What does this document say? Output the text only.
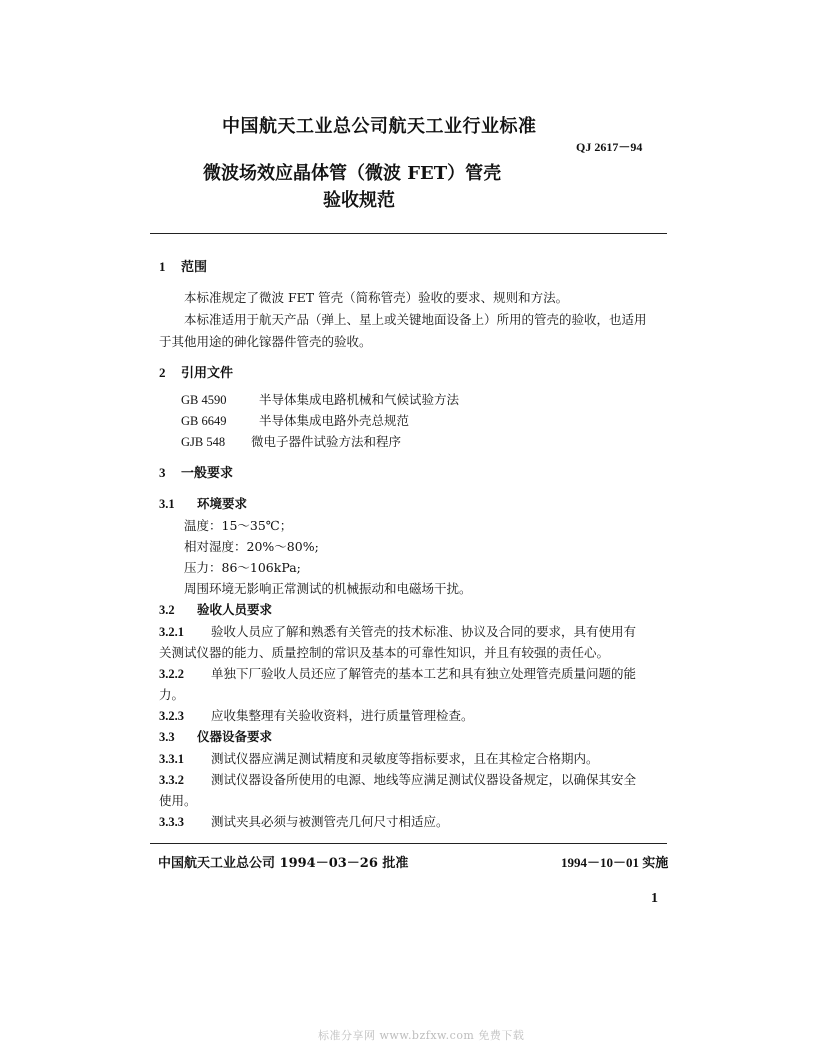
中国航天工业总公司航天工业行业标准
QJ 2617－94
微波场效应晶体管（微波 FET）管壳
验收规范
1 范围
本标准规定了微波 FET 管壳（简称管壳）验收的要求、规则和方法。
本标准适用于航天产品（弹上、星上或关键地面设备上）所用的管壳的验收，也适用
于其他用途的砷化镓器件管壳的验收。
2 引用文件
GB 4590	半导体集成电路机械和气候试验方法
GB 6649	半导体集成电路外壳总规范
GJB 548 微电子器件试验方法和程序
3 一般要求
3.1 环境要求
温度：15～35℃；
相对湿度：20%～80%;
压力：86～106kPa;
周围环境无影响正常测试的机械振动和电磁场干扰。
3.2 验收人员要求
3.2.1 验收人员应了解和熟悉有关管壳的技术标准、协议及合同的要求，具有使用有
关测试仪器的能力、质量控制的常识及基本的可靠性知识，并且有较强的责任心。
3.2.2 单独下厂验收人员还应了解管壳的基本工艺和具有独立处理管壳质量问题的能
力。
3.2.3 应收集整理有关验收资料，进行质量管理检查。
3.3 仪器设备要求
3.3.1 测试仪器应满足测试精度和灵敏度等指标要求，且在其检定合格期内。
3.3.2 测试仪器设备所使用的电源、地线等应满足测试仪器设备规定，以确保其安全
使用。
3.3.3 测试夹具必须与被测管壳几何尺寸相适应。
中国航天工业总公司 1994－03－26 批准	1994－10－01 实施
1
标准分享网 www.bzfxw.com 免费下载
